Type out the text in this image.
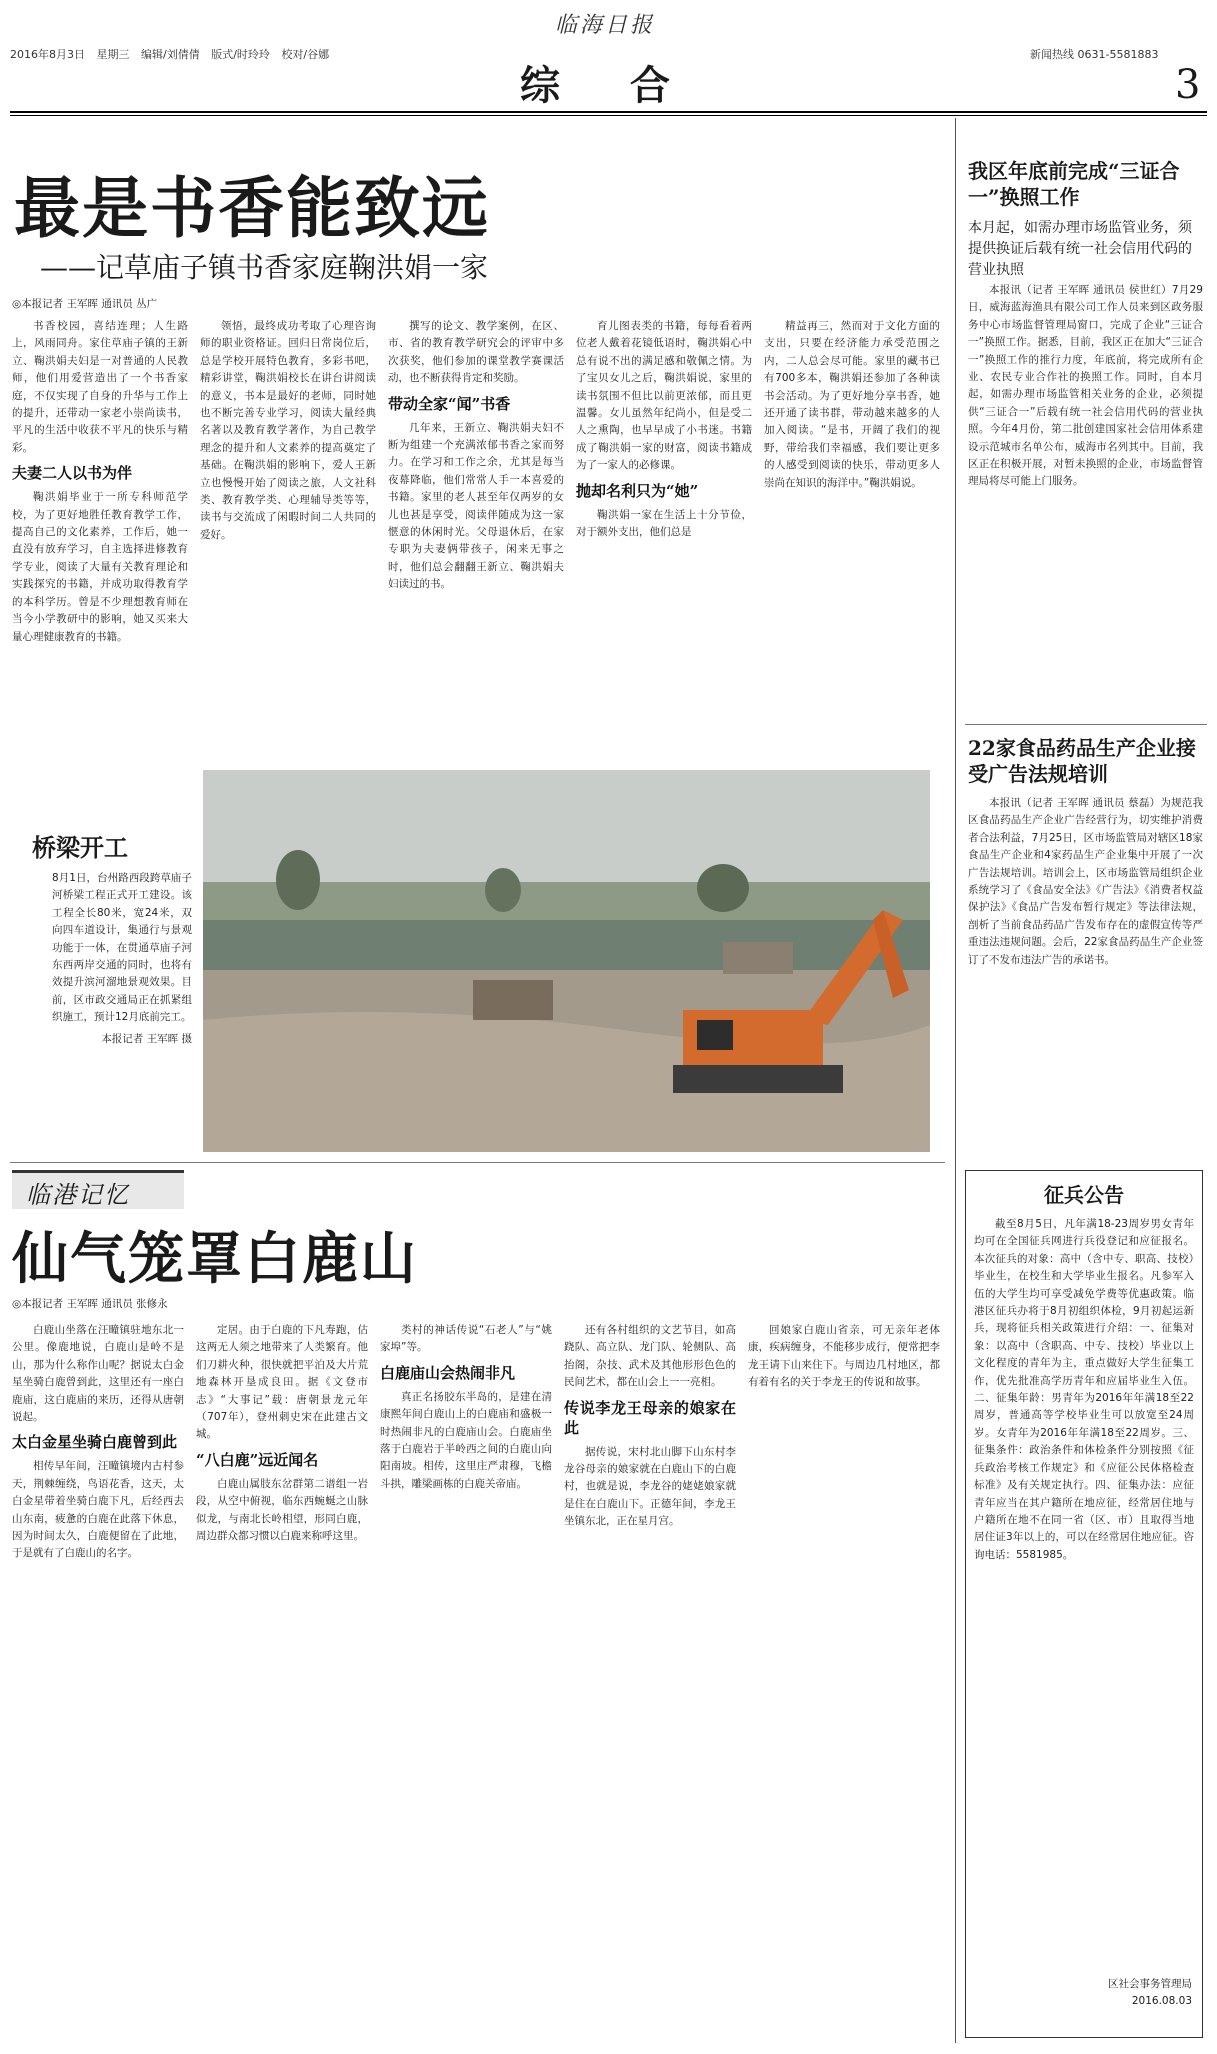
临海日报
2016年8月3日 星期三 编辑/刘倩倩 版式/时玲玲 校对/谷娜
综 合
新闻热线 0631-5581883
3
最是书香能致远
——记草庙子镇书香家庭鞠洪娟一家
◎本报记者 王军晖 通讯员 丛广

书香校园，喜结连理；人生路上，风雨同舟。家住草庙子镇的王新立、鞠洪娟夫妇是一对普通的人民教师，他们用爱营造出了一个书香家庭，不仅实现了自身的升华与工作上的提升，还带动一家老小崇尚读书，平凡的生活中收获不平凡的快乐与精彩。

夫妻二人以书为伴

鞠洪娟毕业于一所专科师范学校，为了更好地胜任教育教学工作，提高自己的文化素养，工作后，她一直没有放弃学习，自主选择进修教育学专业，阅读了大量有关教育理论和实践探究的书籍，并成功取得教育学的本科学历。曾是不少理想教育师在当今小学教研中的影响，她又买来大量心理健康教育的书籍。

领悟，最终成功考取了心理咨询师的职业资格证。回归日常岗位后，总是学校开展特色教育，多彩书吧，精彩讲堂，鞠洪娟校长在讲台讲阅读的意义，书本是最好的老师，同时她也不断完善专业学习，阅读大量经典名著以及教育教学著作，为自己教学理念的提升和人文素养的提高奠定了基础。在鞠洪娟的影响下，爱人王新立也慢慢开始了阅读之旅，人文社科类、教育教学类、心理辅导类等等，读书与交流成了闲暇时间二人共同的爱好。

撰写的论文、教学案例，在区、市、省的教育教学研究会的评审中多次获奖，他们参加的课堂教学赛课活动，也不断获得肯定和奖励。

带动全家“闻”书香

几年来，王新立、鞠洪娟夫妇不断为组建一个充满浓郁书香之家而努力。在学习和工作之余，尤其是每当夜幕降临，他们常常人手一本喜爱的书籍。家里的老人甚至年仅两岁的女儿也甚是享受，阅读伴随成为这一家惬意的休闲时光。父母退休后，在家专职为夫妻俩带孩子，闲来无事之时，他们总会翻翻王新立、鞠洪娟夫妇读过的书。

育儿图表类的书籍，每每看着两位老人戴着花镜低语时，鞠洪娟心中总有说不出的满足感和敬佩之情。为了宝贝女儿之后，鞠洪娟说，家里的读书氛围不但比以前更浓郁，而且更温馨。女儿虽然年纪尚小，但是受二人之熏陶，也早早成了小书迷。书籍成了鞠洪娟一家的财富，阅读书籍成为了一家人的必修课。

抛却名利只为“她”

鞠洪娟一家在生活上十分节俭，对于额外支出，他们总是

精益再三，然而对于文化方面的支出，只要在经济能力承受范围之内，二人总会尽可能。家里的藏书已有700多本，鞠洪娟还参加了各种读书会活动。为了更好地分享书香，她还开通了读书群，带动越来越多的人加入阅读。“是书，开阔了我们的视野，带给我们幸福感，我们要让更多的人感受到阅读的快乐，带动更多人崇尚在知识的海洋中。”鞠洪娟说。

我区年底前完成“三证合一”换照工作
本月起，如需办理市场监管业务，须提供换证后载有统一社会信用代码的营业执照

本报讯（记者 王军晖 通讯员 侯世红）7月29日，威海蓝海渔具有限公司工作人员来到区政务服务中心市场监督管理局窗口，完成了企业“三证合一”换照工作。据悉，目前，我区正在加大“三证合一”换照工作的推行力度，年底前，将完成所有企业、农民专业合作社的换照工作。同时，自本月起，如需办理市场监管相关业务的企业，必须提供“三证合一”后载有统一社会信用代码的营业执照。今年4月份，第二批创建国家社会信用体系建设示范城市名单公布，威海市名列其中。目前，我区正在积极开展，对暂未换照的企业，市场监督管理局将尽可能上门服务。

22家食品药品生产企业接受广告法规培训

本报讯（记者 王军晖 通讯员 蔡磊）为规范我区食品药品生产企业广告经营行为，切实维护消费者合法利益，7月25日，区市场监管局对辖区18家食品生产企业和4家药品生产企业集中开展了一次广告法规培训。培训会上，区市场监管局组织企业系统学习了《食品安全法》《广告法》《消费者权益保护法》《食品广告发布暂行规定》等法律法规，剖析了当前食品药品广告发布存在的虚假宣传等严重违法违规问题。会后，22家食品药品生产企业签订了不发布违法广告的承诺书。

桥梁开工
8月1日，台州路西段跨草庙子河桥梁工程正式开工建设。该工程全长80米，宽24米，双向四车道设计，集通行与景观功能于一体，在贯通草庙子河东西两岸交通的同时，也将有效提升滨河溜地景观效果。目前，区市政交通局正在抓紧组织施工，预计12月底前完工。
本报记者 王军晖 摄
临港记忆
仙气笼罩白鹿山
◎本报记者 王军晖 通讯员 张修永

白鹿山坐落在汪疃镇驻地东北一公里。像鹿地说，白鹿山是岭不是山，那为什么称作山呢？据说太白金星坐骑白鹿曾到此，这里还有一座白鹿庙，这白鹿庙的来历，还得从唐朝说起。

太白金星坐骑白鹿曾到此

相传早年间，汪疃镇境内古村参天，荆棘缠绕，鸟语花香，这天，太白金星带着坐骑白鹿下凡，后经西去山东南，疲惫的白鹿在此落下休息，因为时间太久，白鹿便留在了此地，于是就有了白鹿山的名字。

定居。由于白鹿的下凡寿跑，估这两无人须之地带来了人类繁育。他们刀耕火种，很快就把平泊及大片荒地森林开垦成良田。据《文登市志》“大事记”载：唐朝景龙元年（707年），登州刺史宋在此建古文城。

“八白鹿”远近闻名

白鹿山属肢东岔群第二谱组一岩段，从空中俯视，临东西蜿蜒之山脉似龙，与南北长岭相望，形同白鹿，周边群众都习惯以白鹿来称呼这里。

类村的神话传说“石老人”与“姚家埠”等。

白鹿庙山会热闹非凡

真正名扬胶东半岛的，是建在清康熙年间白鹿山上的白鹿庙和盛极一时热闹非凡的白鹿庙山会。白鹿庙坐落于白鹿岩于半岭西之间的白鹿山向阳南坡。相传，这里庄严肃穆，飞檐斗拱，雕梁画栋的白鹿关帝庙。

还有各村组织的文艺节目，如高跷队、高立队、龙门队、轮侧队、高抬阁，杂技、武术及其他形形色色的民间艺术，都在山会上一一亮相。

传说李龙王母亲的娘家在此

据传说，宋村北山脚下山东村李龙谷母亲的娘家就在白鹿山下的白鹿村，也就是说，李龙谷的姥姥娘家就是住在白鹿山下。正德年间，李龙王坐镇东北，正在星月宫。

回娘家白鹿山省亲，可无亲年老体康，疾病缠身，不能移步成行，便常把李龙王请下山来住下。与周边几村地区，都有着有名的关于李龙王的传说和故事。

征兵公告

截至8月5日，凡年满18-23周岁男女青年均可在全国征兵网进行兵役登记和应征报名。本次征兵的对象：高中（含中专、职高、技校）毕业生，在校生和大学毕业生报名。凡参军入伍的大学生均可享受减免学费等优惠政策。临港区征兵办将于8月初组织体检，9月初起运新兵，现将征兵相关政策进行介绍：一、征集对象：以高中（含职高、中专、技校）毕业以上文化程度的青年为主，重点做好大学生征集工作，优先批准高学历青年和应届毕业生入伍。二、征集年龄：男青年为2016年年满18至22周岁，普通高等学校毕业生可以放宽至24周岁。女青年为2016年年满18至22周岁。三、征集条件：政治条件和体检条件分别按照《征兵政治考核工作规定》和《应征公民体格检查标准》及有关规定执行。四、征集办法：应征青年应当在其户籍所在地应征，经常居住地与户籍所在地不在同一省（区、市）且取得当地居住证3年以上的，可以在经常居住地应征。咨询电话：5581985。

区社会事务管理局
2016.08.03
